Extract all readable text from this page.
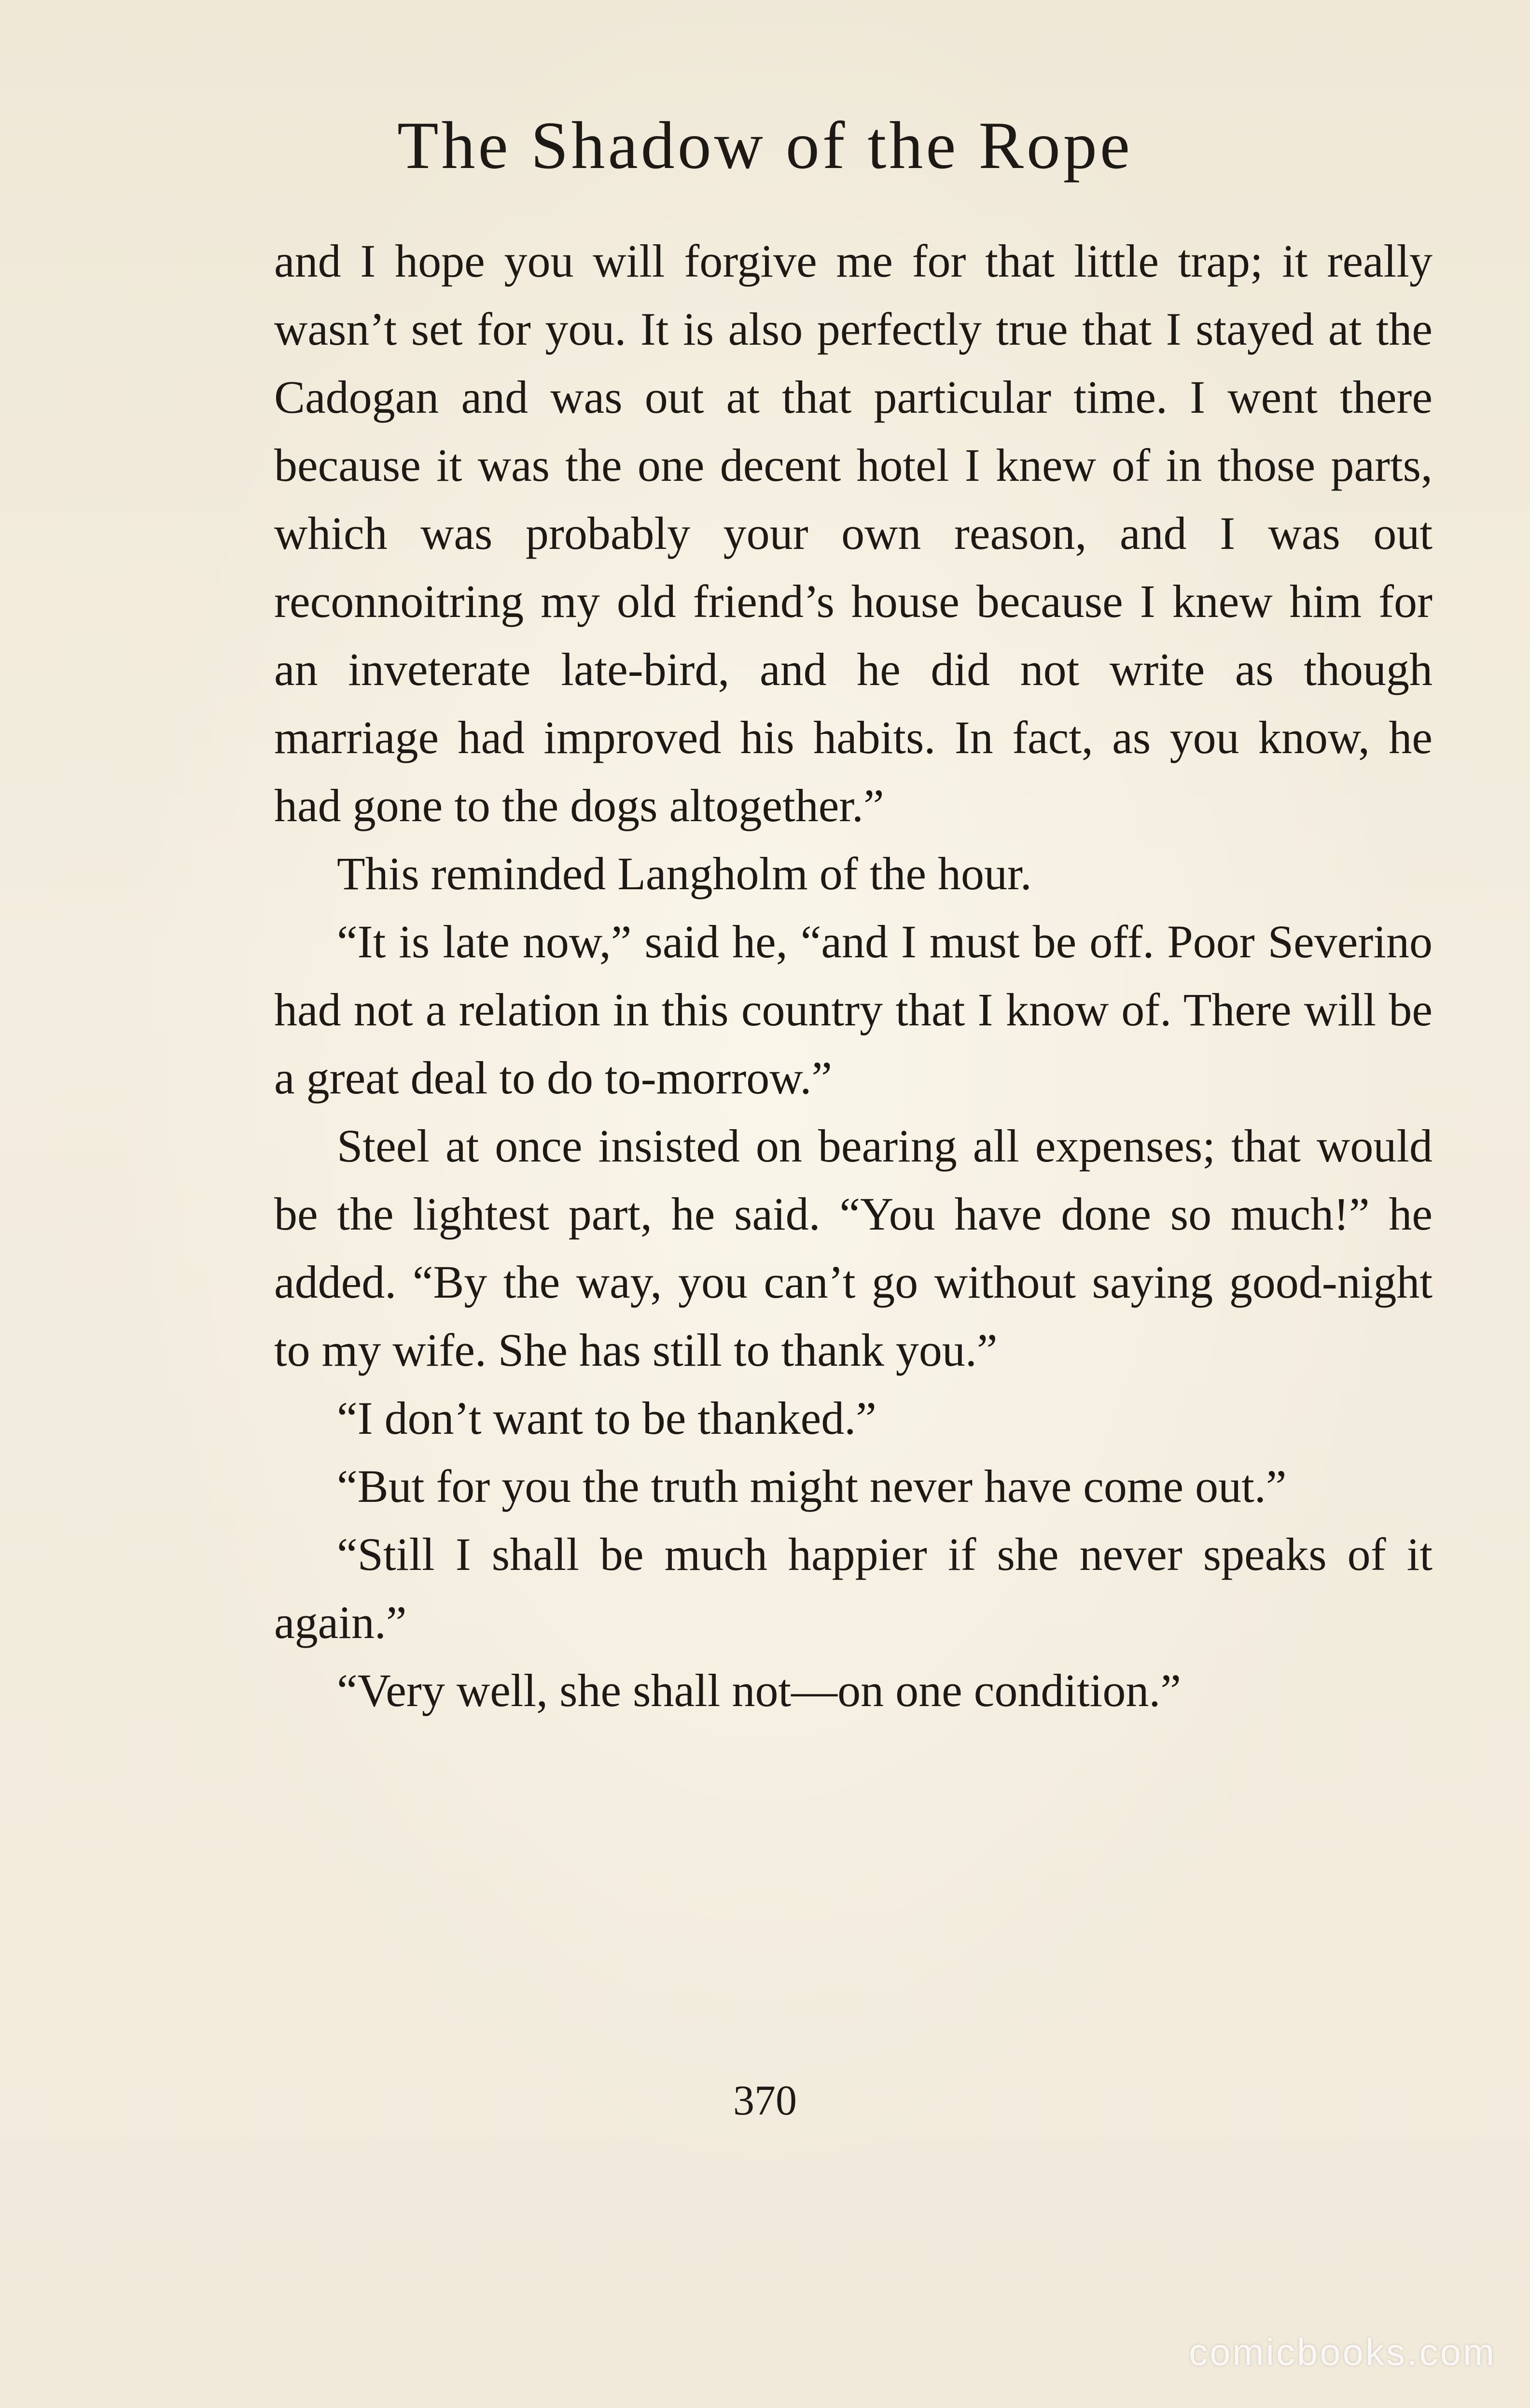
The Shadow of the Rope

and I hope you will forgive me for that little trap; it really wasn’t set for you. It is also perfectly true that I stayed at the Cadogan and was out at that particular time. I went there because it was the one decent hotel I knew of in those parts, which was probably your own reason, and I was out reconnoitring my old friend’s house because I knew him for an inveterate late-bird, and he did not write as though marriage had improved his habits. In fact, as you know, he had gone to the dogs altogether.”

This reminded Langholm of the hour.

“It is late now,” said he, “and I must be off. Poor Severino had not a relation in this country that I know of. There will be a great deal to do to-morrow.”

Steel at once insisted on bearing all expenses; that would be the lightest part, he said. “You have done so much!” he added. “By the way, you can’t go without saying good-night to my wife. She has still to thank you.”

“I don’t want to be thanked.”

“But for you the truth might never have come out.”

“Still I shall be much happier if she never speaks of it again.”

“Very well, she shall not—on one condition.”

370
comicbooks.com
